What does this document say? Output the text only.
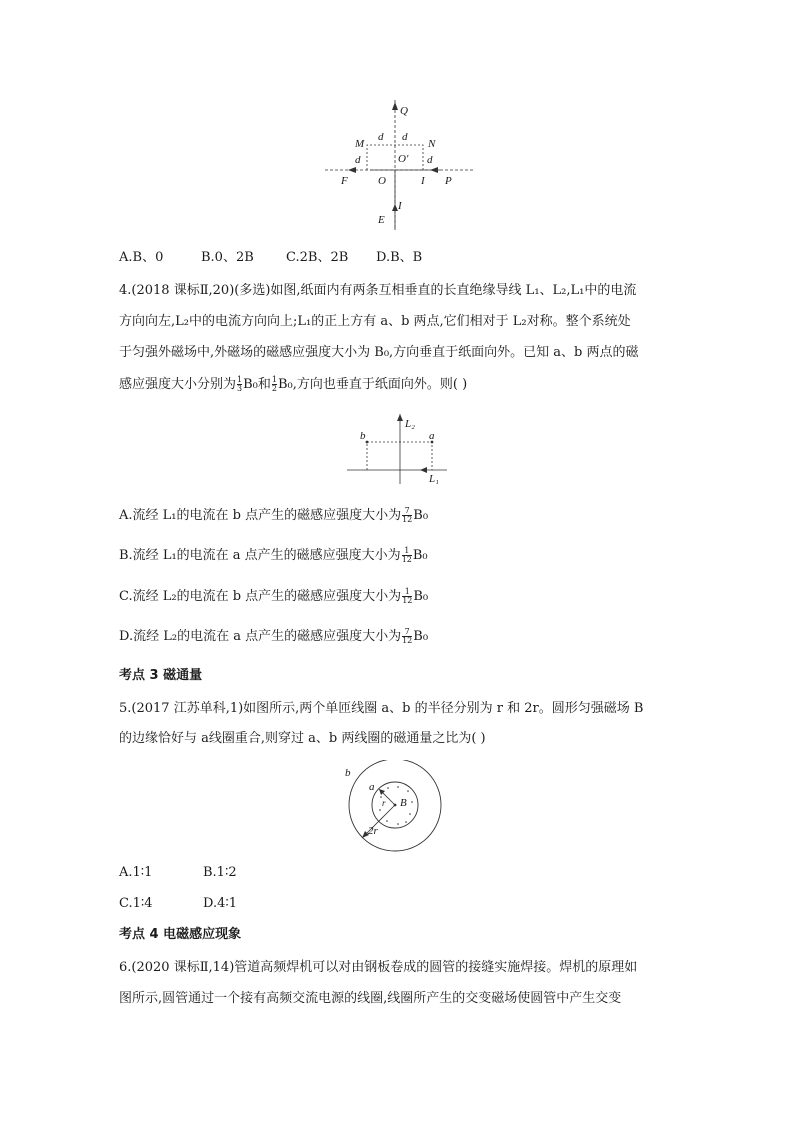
Q
M	N
d d
d	d
O′
F	O	I P
I
E
A.B、0	B.0、2B C.2B、2B D.B、B
4.(2018 课标Ⅱ,20)(多选)如图,纸面内有两条互相垂直的长直绝缘导线 L₁、L₂,L₁中的电流
方向向左,L₂中的电流方向向上;L₁的正上方有 a、b 两点,它们相对于 L₂对称。整个系统处
于匀强外磁场中,外磁场的磁感应强度大小为 B₀,方向垂直于纸面向外。已知 a、b 两点的磁
感应强度大小分别为 $\frac{1}{3} B_0$和 $\frac{1}{2} B_0$,方向也垂直于纸面向外。则( )
L₂
L₁
b	a
A.流经 L₁的电流在 b 点产生的磁感应强度大小为 $\frac{7}{12} B_0$
B.流经 L₁的电流在 a 点产生的磁感应强度大小为 $\frac{1}{12} B_0$
C.流经 L₂的电流在 b 点产生的磁感应强度大小为 $\frac{1}{12} B_0$
D.流经 L₂的电流在 a 点产生的磁感应强度大小为 $\frac{7}{12} B_0$
考点 3 磁通量
5.(2017 江苏单科,1)如图所示,两个单匝线圈 a、b 的半径分别为 r 和 2r。圆形匀强磁场 B
的边缘恰好与 a线圈重合,则穿过 a、b 两线圈的磁通量之比为( )
b
a
r B
2r
A.1∶1	B.1∶2
C.1∶4	D.4∶1
考点 4 电磁感应现象
6.(2020 课标Ⅱ,14)管道高频焊机可以对由钢板卷成的圆管的接缝实施焊接。焊机的原理如
图所示,圆管通过一个接有高频交流电源的线圈,线圈所产生的交变磁场使圆管中产生交变
